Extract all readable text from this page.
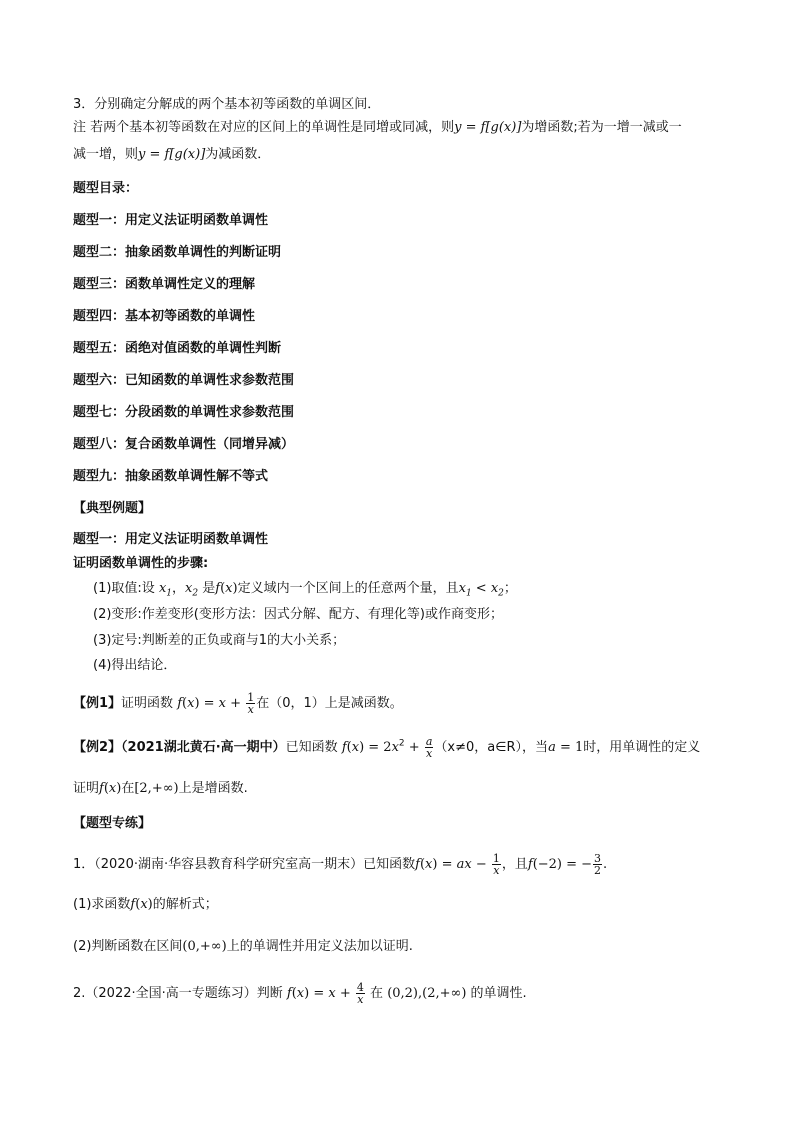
3．分别确定分解成的两个基本初等函数的单调区间．
注 若两个基本初等函数在对应的区间上的单调性是同增或同减，则y = f[g(x)]为增函数;若为一增一减或一
减一增，则y = f[g(x)]为减函数．
题型目录：
题型一：用定义法证明函数单调性
题型二：抽象函数单调性的判断证明
题型三：函数单调性定义的理解
题型四：基本初等函数的单调性
题型五：函绝对值函数的单调性判断
题型六：已知函数的单调性求参数范围
题型七：分段函数的单调性求参数范围
题型八：复合函数单调性（同增异减）
题型九：抽象函数单调性解不等式
【典型例题】
题型一：用定义法证明函数单调性
证明函数单调性的步骤:
(1)取值:设 $x_1$，$x_2$ 是f(x)定义域内一个区间上的任意两个量，且$x_1 < x_2$；
(2)变形:作差变形(变形方法：因式分解、配方、有理化等)或作商变形；
(3)定号:判断差的正负或商与1的大小关系；
(4)得出结论．
【例1】证明函数 $f(x) = x + \frac{1}{x}$ 在（0，1）上是减函数。
【例2】（2021湖北黄石·高一期中）已知函数 $f(x) = 2x^2 + \frac{a}{x} (x\ne 0$，a∈R），当a = 1时，用单调性的定义
证明f(x)在[2,+∞)上是增函数.
【题型专练】
1．（2020·湖南·华容县教育科学研究室高一期末）已知函数f(x) = ax − $\frac{1}{x}$ ，且f(−2) = − $\frac{3}{2}$ .
(1)求函数f(x)的解析式；
(2)判断函数在区间(0,+∞)上的单调性并用定义法加以证明.
2.（2022·全国·高一专题练习）判断 $f(x) = x + \frac{4}{x}$ 在 (0,2),(2,+∞) 的单调性.
